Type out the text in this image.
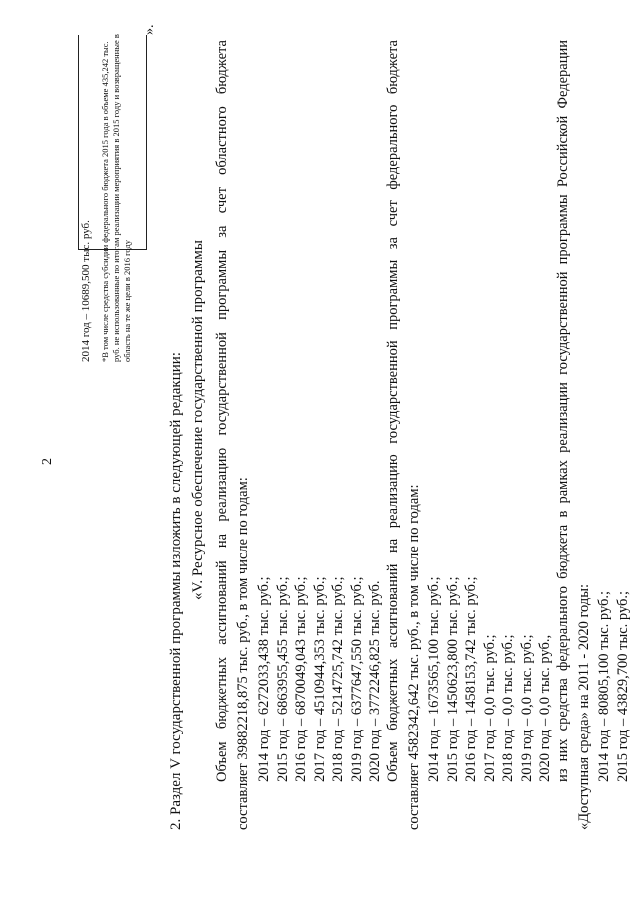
2
2014 год – 10689,500 тыс. руб. *В том числе средства субсидии федерального бюджета 2015 года в объеме 435,242 тыс. руб. не использованные по итогам реализации мероприятия в 2015 году и возвращенные в область на те же цели в 2016 году
».
2. Раздел V государственной программы изложить в следующей редакции: «V. Ресурсное обеспечение государственной программы Объем бюджетных ассигнований на реализацию государственной программы за счет областного бюджета составляет 39882218,875 тыс. руб., в том числе по годам: 2014 год – 6272033,438 тыс. руб.; 2015 год – 6863955,455 тыс. руб.; 2016 год – 6870049,043 тыс. руб.; 2017 год – 4510944,353 тыс. руб.; 2018 год – 5214725,742 тыс. руб.; 2019 год – 6377647,550 тыс. руб.; 2020 год – 3772246,825 тыс. руб. Объем бюджетных ассигнований на реализацию государственной программы за счет федерального бюджета составляет 4582342,642 тыс. руб., в том числе по годам: 2014 год – 1673565,100 тыс. руб.; 2015 год – 1450623,800 тыс. руб.; 2016 год – 1458153,742 тыс. руб.; 2017 год – 0,0 тыс. руб.; 2018 год – 0,0 тыс. руб.; 2019 год – 0,0 тыс. руб.; 2020 год – 0,0 тыс. руб., из них средства федерального бюджета в рамках реализации государственной программы Российской Федерации «Доступная среда» на 2011 - 2020 годы: 2014 год – 80805,100 тыс. руб.; 2015 год – 43829,700 тыс. руб.;
